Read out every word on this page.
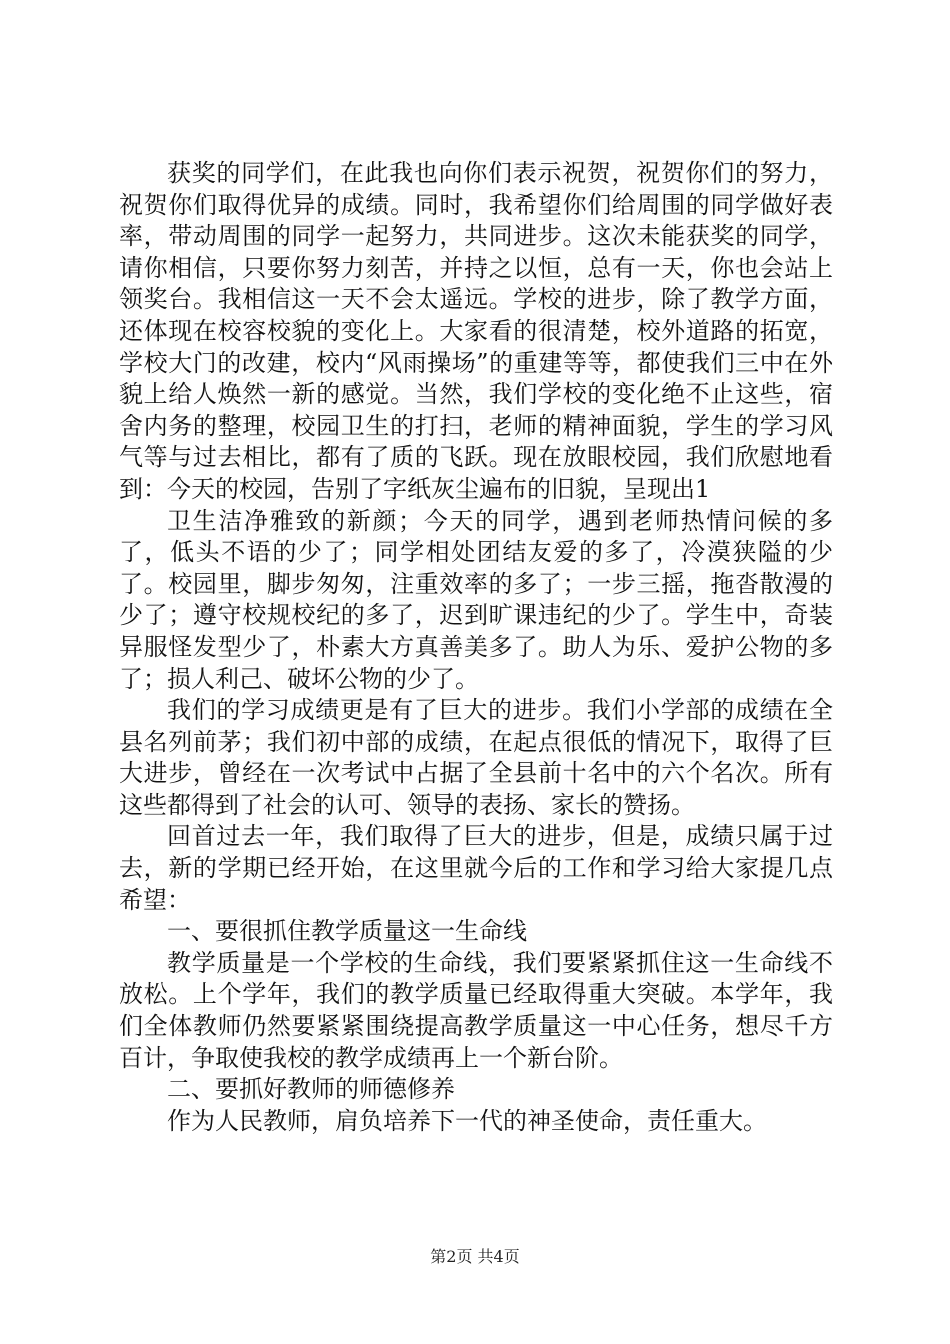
获奖的同学们，在此我也向你们表示祝贺，祝贺你们的努力，祝贺你们取得优异的成绩。同时，我希望你们给周围的同学做好表率，带动周围的同学一起努力，共同进步。这次未能获奖的同学，请你相信，只要你努力刻苦，并持之以恒，总有一天，你也会站上领奖台。我相信这一天不会太遥远。学校的进步，除了教学方面，还体现在校容校貌的变化上。大家看的很清楚，校外道路的拓宽，学校大门的改建，校内“风雨操场”的重建等等，都使我们三中在外貌上给人焕然一新的感觉。当然，我们学校的变化绝不止这些，宿舍内务的整理，校园卫生的打扫，老师的精神面貌，学生的学习风气等与过去相比，都有了质的飞跃。现在放眼校园，我们欣慰地看到：今天的校园，告别了字纸灰尘遍布的旧貌，呈现出1

卫生洁净雅致的新颜；今天的同学，遇到老师热情问候的多了，低头不语的少了；同学相处团结友爱的多了，冷漠狭隘的少了。校园里，脚步匆匆，注重效率的多了；一步三摇，拖沓散漫的少了；遵守校规校纪的多了，迟到旷课违纪的少了。学生中，奇装异服怪发型少了，朴素大方真善美多了。助人为乐、爱护公物的多了；损人利己、破坏公物的少了。

我们的学习成绩更是有了巨大的进步。我们小学部的成绩在全县名列前茅；我们初中部的成绩，在起点很低的情况下，取得了巨大进步，曾经在一次考试中占据了全县前十名中的六个名次。所有这些都得到了社会的认可、领导的表扬、家长的赞扬。

回首过去一年，我们取得了巨大的进步，但是，成绩只属于过去，新的学期已经开始，在这里就今后的工作和学习给大家提几点希望：

一、要很抓住教学质量这一生命线

教学质量是一个学校的生命线，我们要紧紧抓住这一生命线不放松。上个学年，我们的教学质量已经取得重大突破。本学年，我们全体教师仍然要紧紧围绕提高教学质量这一中心任务，想尽千方百计，争取使我校的教学成绩再上一个新台阶。

二、要抓好教师的师德修养

作为人民教师，肩负培养下一代的神圣使命，责任重大。

第2页 共4页
